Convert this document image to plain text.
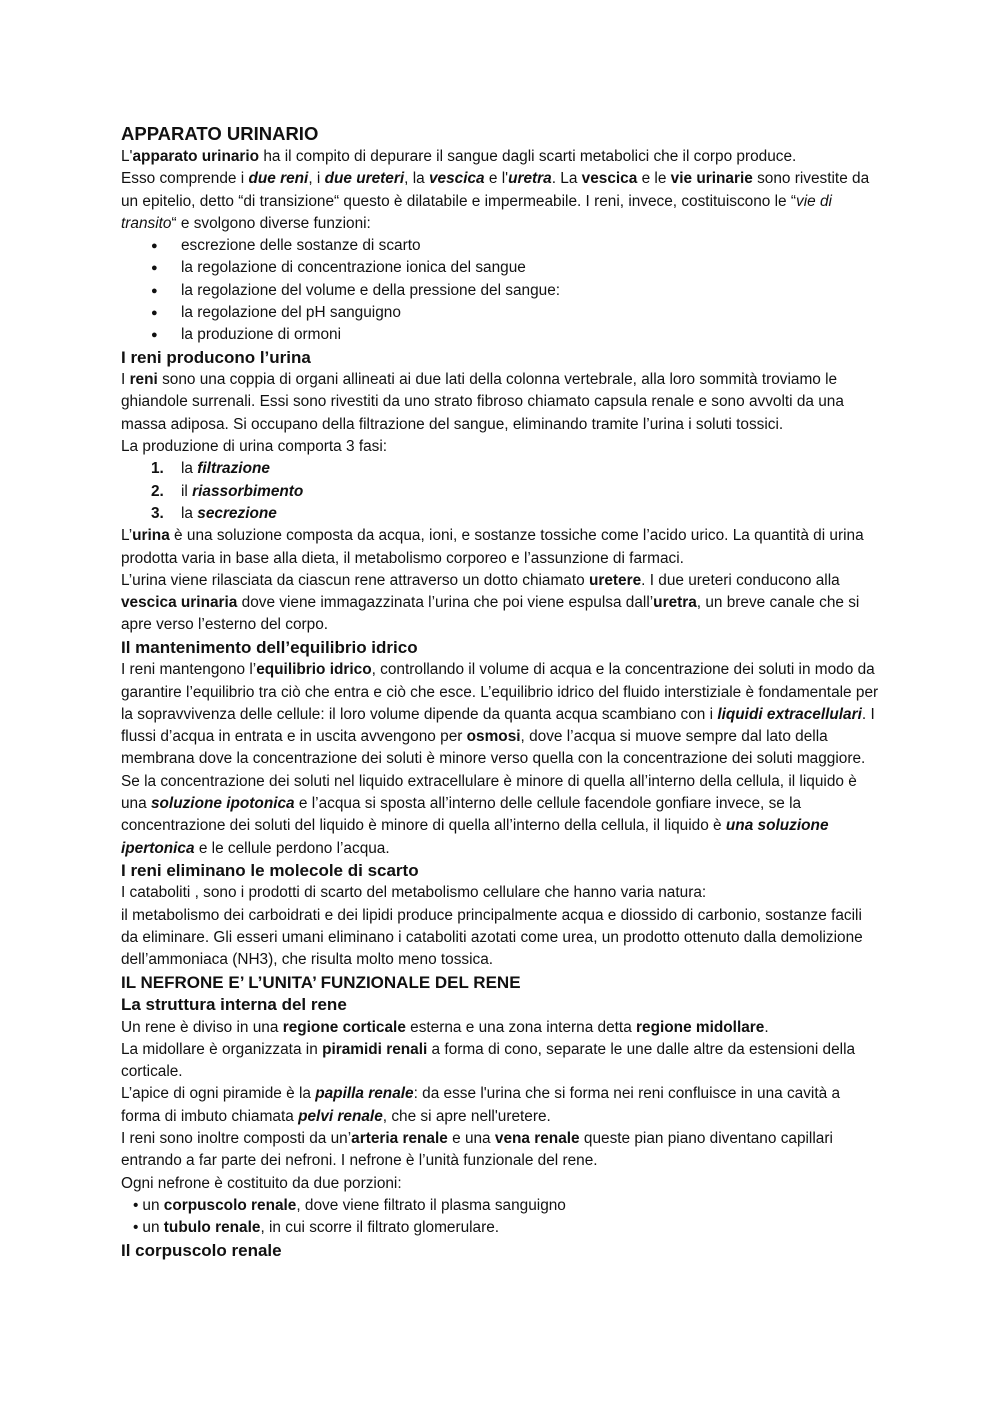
APPARATO URINARIO

L'apparato urinario ha il compito di depurare il sangue dagli scarti metabolici che il corpo produce.

Esso comprende i due reni, i due ureteri, la vescica e l'uretra. La vescica e le vie urinarie sono rivestite da un epitelio, detto “di transizione“ questo è dilatabile e impermeabile. I reni, invece, costituiscono le “vie di transito“ e svolgono diverse funzioni:

● escrezione delle sostanze di scarto
● la regolazione di concentrazione ionica del sangue
● la regolazione del volume e della pressione del sangue:
● la regolazione del pH sanguigno
● la produzione di ormoni
I reni producono l’urina

I reni sono una coppia di organi allineati ai due lati della colonna vertebrale, alla loro sommità troviamo le ghiandole surrenali. Essi sono rivestiti da uno strato fibroso chiamato capsula renale e sono avvolti da una massa adiposa. Si occupano della filtrazione del sangue, eliminando tramite l’urina i soluti tossici.

La produzione di urina comporta 3 fasi:

1. la filtrazione
2. il riassorbimento
3. la secrezione

L’urina è una soluzione composta da acqua, ioni, e sostanze tossiche come l’acido urico. La quantità di urina prodotta varia in base alla dieta, il metabolismo corporeo e l’assunzione di farmaci.

L’urina viene rilasciata da ciascun rene attraverso un dotto chiamato uretere. I due ureteri conducono alla vescica urinaria dove viene immagazzinata l’urina che poi viene espulsa dall’uretra, un breve canale che si apre verso l’esterno del corpo.

Il mantenimento dell’equilibrio idrico

I reni mantengono l’equilibrio idrico, controllando il volume di acqua e la concentrazione dei soluti in modo da garantire l’equilibrio tra ciò che entra e ciò che esce. L’equilibrio idrico del fluido interstiziale è fondamentale per la sopravvivenza delle cellule: il loro volume dipende da quanta acqua scambiano con i liquidi extracellulari. I flussi d’acqua in entrata e in uscita avvengono per osmosi, dove l’acqua si muove sempre dal lato della membrana dove la concentrazione dei soluti è minore verso quella con la concentrazione dei soluti maggiore. Se la concentrazione dei soluti nel liquido extracellulare è minore di quella all’interno della cellula, il liquido è una soluzione ipotonica e l’acqua si sposta all’interno delle cellule facendole gonfiare invece, se la concentrazione dei soluti del liquido è minore di quella all’interno della cellula, il liquido è una soluzione ipertonica e le cellule perdono l’acqua.

I reni eliminano le molecole di scarto

I cataboliti , sono i prodotti di scarto del metabolismo cellulare che hanno varia natura:

il metabolismo dei carboidrati e dei lipidi produce principalmente acqua e diossido di carbonio, sostanze facili da eliminare. Gli esseri umani eliminano i cataboliti azotati come urea, un prodotto ottenuto dalla demolizione dell’ammoniaca (NH3), che risulta molto meno tossica.

IL NEFRONE E’ L’UNITA’ FUNZIONALE DEL RENE
La struttura interna del rene

Un rene è diviso in una regione corticale esterna e una zona interna detta regione midollare.

La midollare è organizzata in piramidi renali a forma di cono, separate le une dalle altre da estensioni della corticale.

L’apice di ogni piramide è la papilla renale: da esse l'urina che si forma nei reni confluisce in una cavità a forma di imbuto chiamata pelvi renale, che si apre nell'uretere.

I reni sono inoltre composti da un’arteria renale e una vena renale queste pian piano diventano capillari entrando a far parte dei nefroni. I nefrone è l’unità funzionale del rene.

Ogni nefrone è costituito da due porzioni:

• un corpuscolo renale, dove viene filtrato il plasma sanguigno
• un tubulo renale, in cui scorre il filtrato glomerulare.
Il corpuscolo renale
